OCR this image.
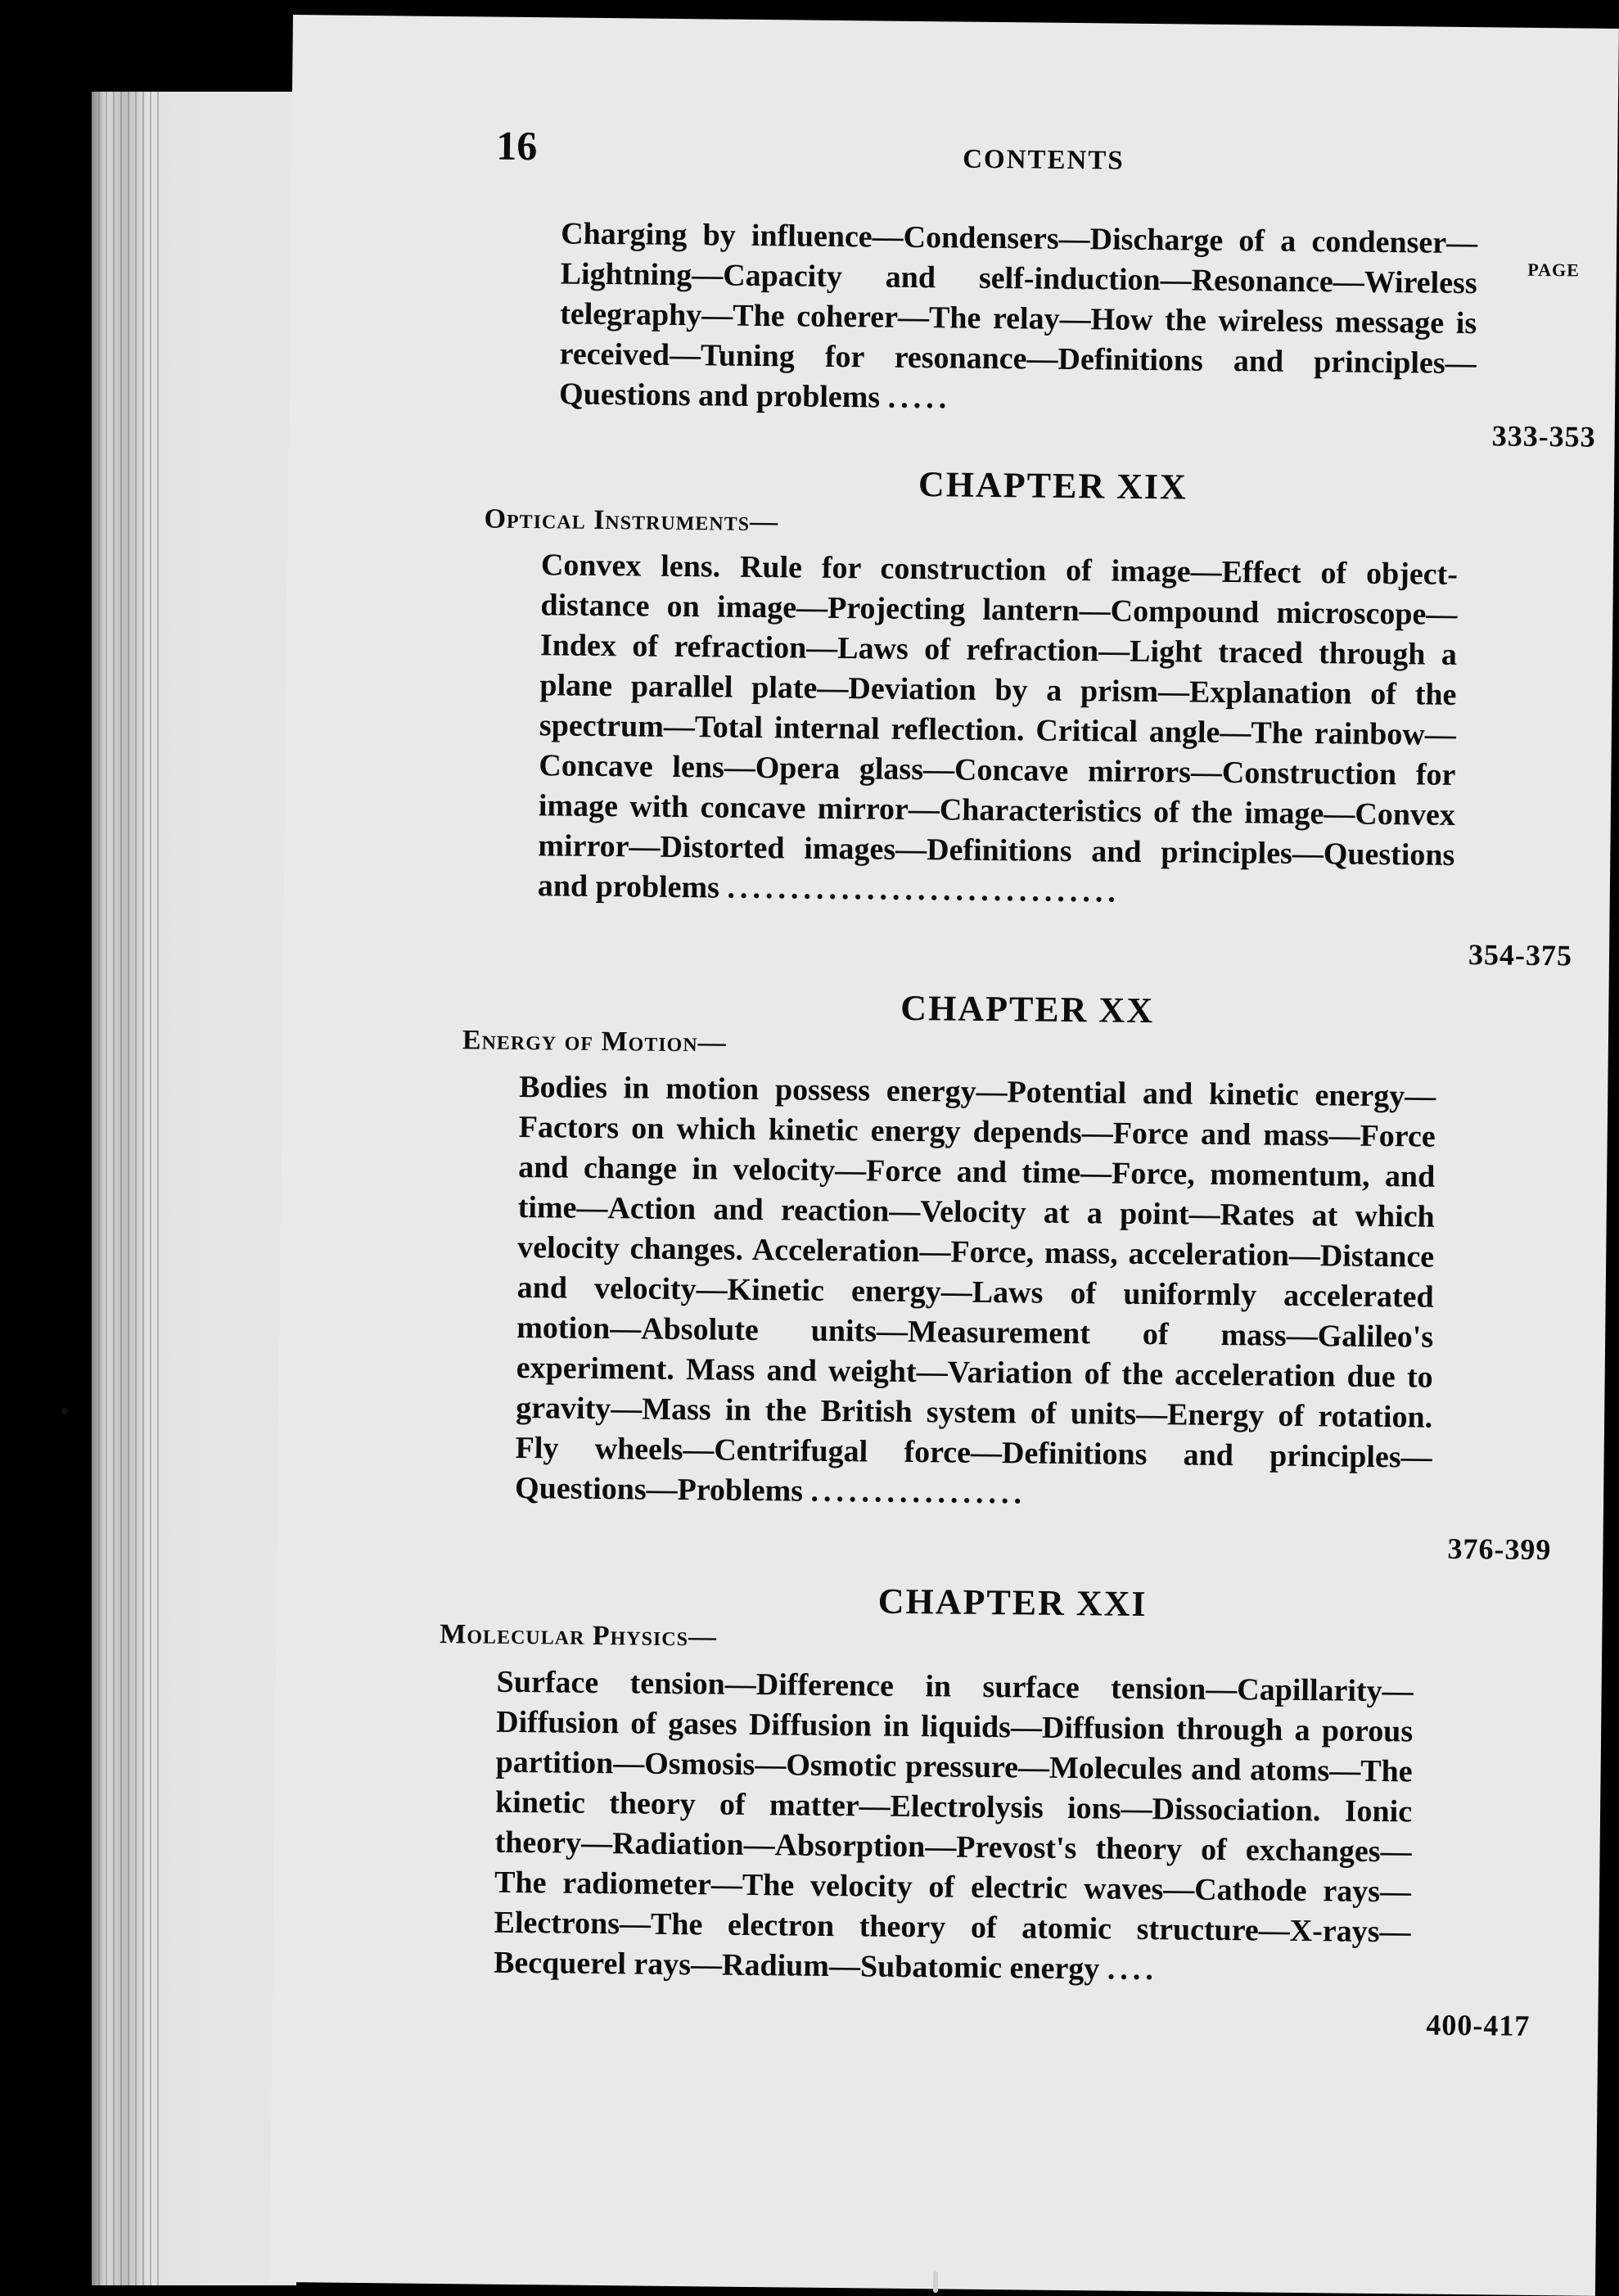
16	CONTENTS
PAGE
Charging by influence—Condensers—Discharge of a condenser—Lightning—Capacity and self-induction—Resonance—Wireless telegraphy—The coherer—The relay—How the wireless message is received—Tuning for resonance—Definitions and principles—Questions and problems .....
333-353
CHAPTER XIX
Optical Instruments—
Convex lens. Rule for construction of image—Effect of object-distance on image—Projecting lantern—Compound microscope—Index of refraction—Laws of refraction—Light traced through a plane parallel plate—Deviation by a prism—Explanation of the spectrum—Total internal reflection. Critical angle—The rainbow—Concave lens—Opera glass—Concave mirrors—Construction for image with concave mirror—Characteristics of the image—Convex mirror—Distorted images—Definitions and principles—Questions and problems ...............................
354-375
CHAPTER XX
Energy of Motion—
Bodies in motion possess energy—Potential and kinetic energy—Factors on which kinetic energy depends—Force and mass—Force and change in velocity—Force and time—Force, momentum, and time—Action and reaction—Velocity at a point—Rates at which velocity changes. Acceleration—Force, mass, acceleration—Distance and velocity—Kinetic energy—Laws of uniformly accelerated motion—Absolute units—Measurement of mass—Galileo's experiment. Mass and weight—Variation of the acceleration due to gravity—Mass in the British system of units—Energy of rotation. Fly wheels—Centrifugal force—Definitions and principles—Questions—Problems .................
376-399
CHAPTER XXI
Molecular Physics—
Surface tension—Difference in surface tension—Capillarity—Diffusion of gases Diffusion in liquids—Diffusion through a porous partition—Osmosis—Osmotic pressure—Molecules and atoms—The kinetic theory of matter—Electrolysis ions—Dissociation. Ionic theory—Radiation—Absorption—Prevost's theory of exchanges—The radiometer—The velocity of electric waves—Cathode rays—Electrons—The electron theory of atomic structure—X-rays—Becquerel rays—Radium—Subatomic energy ....
400-417
